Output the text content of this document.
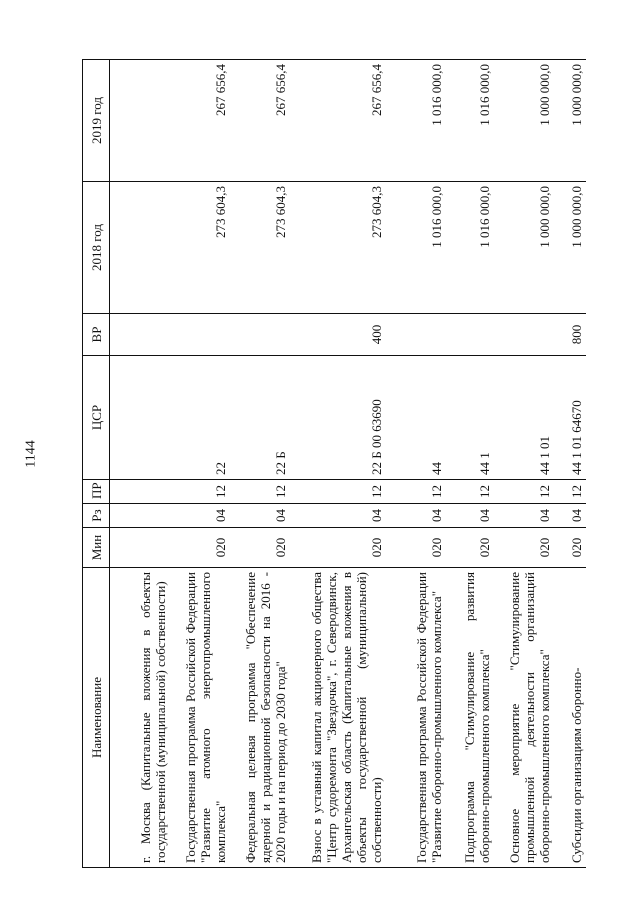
1144
Наименование	Мин	Рз	ПР	ЦСР	ВР	2018 год	2019 год
г. Москва (Капитальные вложения в объекты государственной (муниципальной) собственности)							
Государственная программа Российской Федерации "Развитие атомного энергопромышленного комплекса"	020	04	12	22		273 604,3	267 656,4
Федеральная целевая программа "Обеспечение ядерной и радиационной безопасности на 2016 - 2020 годы и на период до 2030 года"	020	04	12	22 Б		273 604,3	267 656,4
Взнос в уставный капитал акционерного общества "Центр судоремонта "Звездочка", г. Северодвинск, Архангельская область (Капитальные вложения в объекты государственной (муниципальной) собственности)	020	04	12	22 Б 00 63690	400	273 604,3	267 656,4
Государственная программа Российской Федерации "Развитие оборонно-промышленного комплекса"	020	04	12	44		1 016 000,0	1 016 000,0
Подпрограмма "Стимулирование развития оборонно-промышленного комплекса"	020	04	12	44 1		1 016 000,0	1 016 000,0
Основное мероприятие "Стимулирование промышленной деятельности организаций оборонно-промышленного комплекса"	020	04	12	44 1 01		1 000 000,0	1 000 000,0
Субсидии организациям оборонно-	020	04	12	44 1 01 64670	800	1 000 000,0	1 000 000,0
